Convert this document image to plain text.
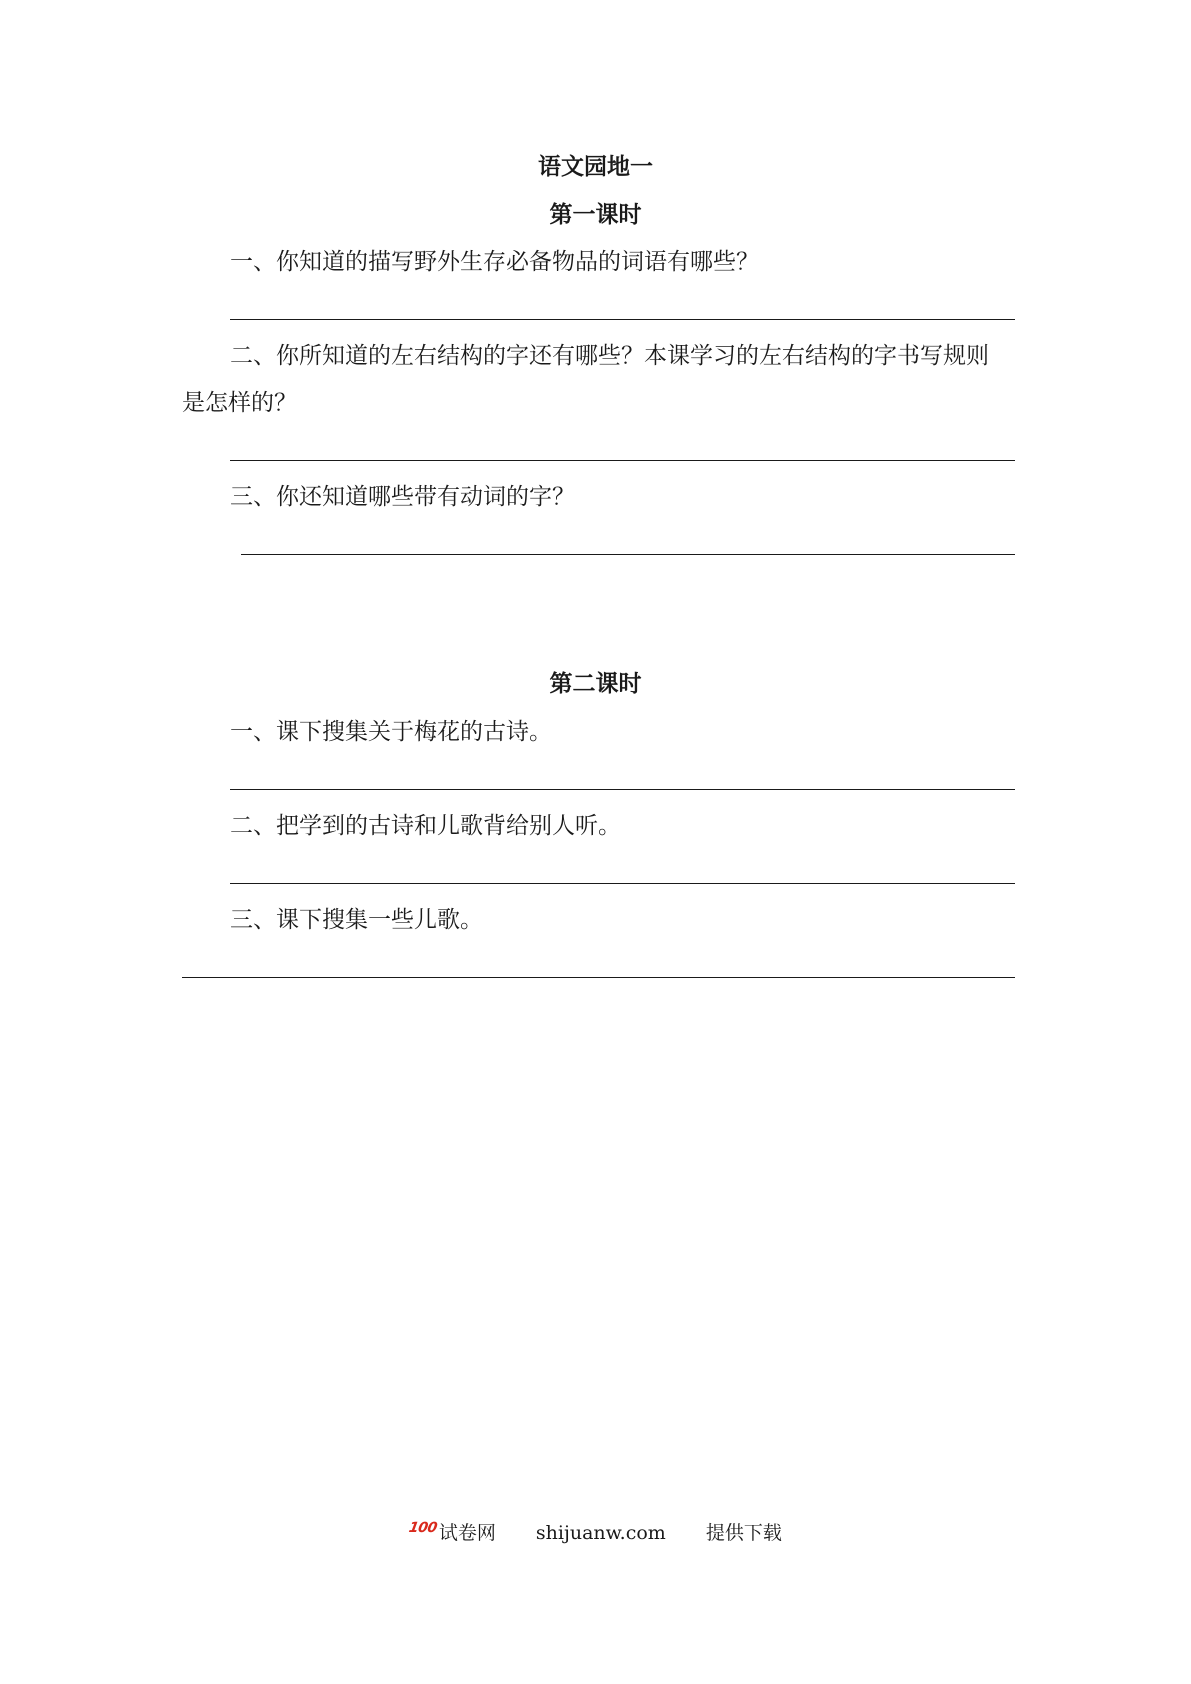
语文园地一
第一课时
一、你知道的描写野外生存必备物品的词语有哪些？
二、你所知道的左右结构的字还有哪些？本课学习的左右结构的字书写规则
是怎样的？
三、你还知道哪些带有动词的字？
第二课时
一、课下搜集关于梅花的古诗。
二、把学到的古诗和儿歌背给别人听。
三、课下搜集一些儿歌。
100试卷网 shijuanw.com 提供下载
